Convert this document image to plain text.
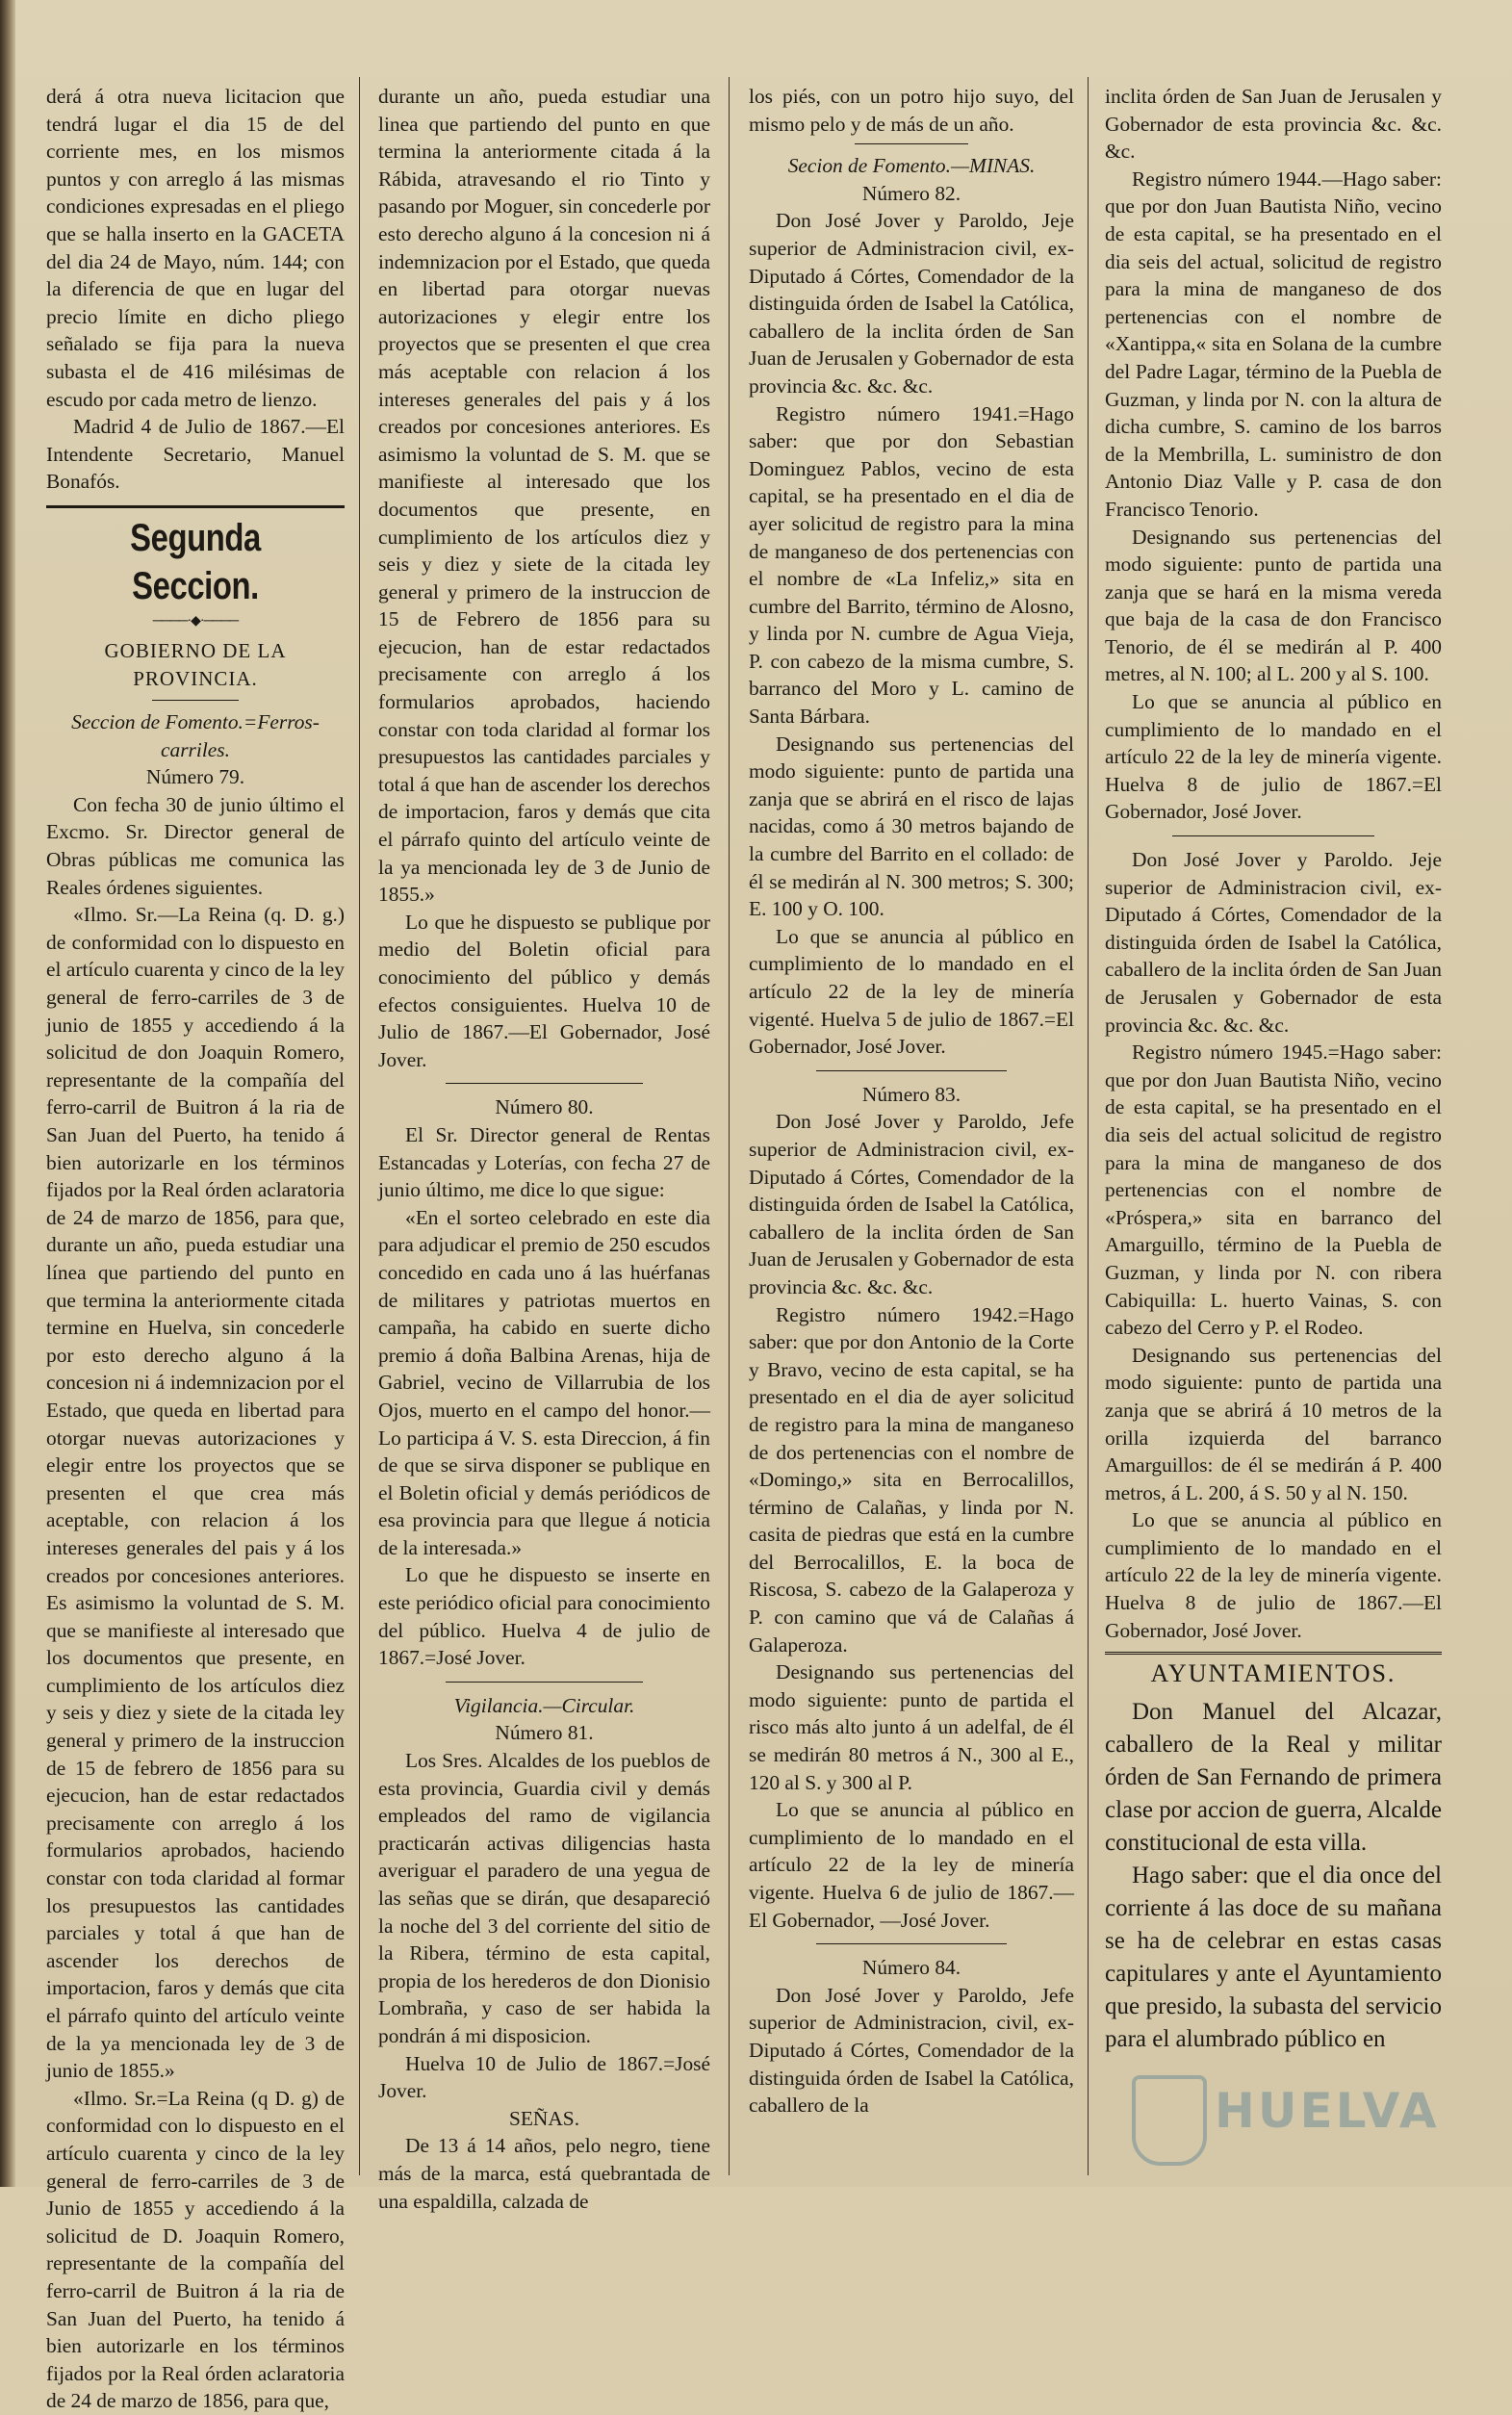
derá á otra nueva licitacion que tendrá lugar el dia 15 de del corriente mes, en los mismos puntos y con arreglo á las mismas condiciones expresadas en el pliego que se halla inserto en la GACETA del dia 24 de Mayo, núm. 144; con la diferencia de que en lugar del precio límite en dicho pliego señalado se fija para la nueva subasta el de 416 milésimas de escudo por cada metro de lienzo.

Madrid 4 de Julio de 1867.—El Intendente Secretario, Manuel Bonafós.

Segunda Seccion.
────·◆·────
GOBIERNO DE LA PROVINCIA.
Seccion de Fomento.=Ferros-carriles.
Número 79.

Con fecha 30 de junio último el Excmo. Sr. Director general de Obras públicas me comunica las Reales órdenes siguientes.

«Ilmo. Sr.—La Reina (q. D. g.) de conformidad con lo dispuesto en el artículo cuarenta y cinco de la ley general de ferro-carriles de 3 de junio de 1855 y accediendo á la solicitud de don Joaquin Romero, representante de la compañía del ferro-carril de Buitron á la ria de San Juan del Puerto, ha tenido á bien autorizarle en los términos fijados por la Real órden aclaratoria de 24 de marzo de 1856, para que, durante un año, pueda estudiar una línea que partiendo del punto en que termina la anteriormente citada termine en Huelva, sin concederle por esto derecho alguno á la concesion ni á indemnizacion por el Estado, que queda en libertad para otorgar nuevas autorizaciones y elegir entre los proyectos que se presenten el que crea más aceptable, con relacion á los intereses generales del pais y á los creados por concesiones anteriores. Es asimismo la voluntad de S. M. que se manifieste al interesado que los documentos que presente, en cumplimiento de los artículos diez y seis y diez y siete de la citada ley general y primero de la instruccion de 15 de febrero de 1856 para su ejecucion, han de estar redactados precisamente con arreglo á los formularios aprobados, haciendo constar con toda claridad al formar los presupuestos las cantidades parciales y total á que han de ascender los derechos de importacion, faros y demás que cita el párrafo quinto del artículo veinte de la ya mencionada ley de 3 de junio de 1855.»

«Ilmo. Sr.=La Reina (q D. g) de conformidad con lo dispuesto en el artículo cuarenta y cinco de la ley general de ferro-carriles de 3 de Junio de 1855 y accediendo á la solicitud de D. Joaquin Romero, representante de la compañía del ferro-carril de Buitron á la ria de San Juan del Puerto, ha tenido á bien autorizarle en los términos fijados por la Real órden aclaratoria de 24 de marzo de 1856, para que,

durante un año, pueda estudiar una linea que partiendo del punto en que termina la anteriormente citada á la Rábida, atravesando el rio Tinto y pasando por Moguer, sin concederle por esto derecho alguno á la concesion ni á indemnizacion por el Estado, que queda en libertad para otorgar nuevas autorizaciones y elegir entre los proyectos que se presenten el que crea más aceptable con relacion á los intereses generales del pais y á los creados por concesiones anteriores. Es asimismo la voluntad de S. M. que se manifieste al interesado que los documentos que presente, en cumplimiento de los artículos diez y seis y diez y siete de la citada ley general y primero de la instruccion de 15 de Febrero de 1856 para su ejecucion, han de estar redactados precisamente con arreglo á los formularios aprobados, haciendo constar con toda claridad al formar los presupuestos las cantidades parciales y total á que han de ascender los derechos de importacion, faros y demás que cita el párrafo quinto del artículo veinte de la ya mencionada ley de 3 de Junio de 1855.»

Lo que he dispuesto se publique por medio del Boletin oficial para conocimiento del público y demás efectos consiguientes. Huelva 10 de Julio de 1867.—El Gobernador, José Jover.

Número 80.

El Sr. Director general de Rentas Estancadas y Loterías, con fecha 27 de junio último, me dice lo que sigue:

«En el sorteo celebrado en este dia para adjudicar el premio de 250 escudos concedido en cada uno á las huérfanas de militares y patriotas muertos en campaña, ha cabido en suerte dicho premio á doña Balbina Arenas, hija de Gabriel, vecino de Villarrubia de los Ojos, muerto en el campo del honor.—Lo participa á V. S. esta Direccion, á fin de que se sirva disponer se publique en el Boletin oficial y demás periódicos de esa provincia para que llegue á noticia de la interesada.»

Lo que he dispuesto se inserte en este periódico oficial para conocimiento del público. Huelva 4 de julio de 1867.=José Jover.

Vigilancia.—Circular.
Número 81.

Los Sres. Alcaldes de los pueblos de esta provincia, Guardia civil y demás empleados del ramo de vigilancia practicarán activas diligencias hasta averiguar el paradero de una yegua de las señas que se dirán, que desapareció la noche del 3 del corriente del sitio de la Ribera, término de esta capital, propia de los herederos de don Dionisio Lombraña, y caso de ser habida la pondrán á mi disposicion.

Huelva 10 de Julio de 1867.=José Jover.

SEÑAS.

De 13 á 14 años, pelo negro, tiene más de la marca, está quebrantada de una espaldilla, calzada de

los piés, con un potro hijo suyo, del mismo pelo y de más de un año.

Secion de Fomento.—MINAS.
Número 82.

Don José Jover y Paroldo, Jeje superior de Administracion civil, ex-Diputado á Córtes, Comendador de la distinguida órden de Isabel la Católica, caballero de la inclita órden de San Juan de Jerusalen y Gobernador de esta provincia &c. &c. &c.

Registro número 1941.=Hago saber: que por don Sebastian Dominguez Pablos, vecino de esta capital, se ha presentado en el dia de ayer solicitud de registro para la mina de manganeso de dos pertenencias con el nombre de «La Infeliz,» sita en cumbre del Barrito, término de Alosno, y linda por N. cumbre de Agua Vieja, P. con cabezo de la misma cumbre, S. barranco del Moro y L. camino de Santa Bárbara.

Designando sus pertenencias del modo siguiente: punto de partida una zanja que se abrirá en el risco de lajas nacidas, como á 30 metros bajando de la cumbre del Barrito en el collado: de él se medirán al N. 300 metros; S. 300; E. 100 y O. 100.

Lo que se anuncia al público en cumplimiento de lo mandado en el artículo 22 de la ley de minería vigenté. Huelva 5 de julio de 1867.=El Gobernador, José Jover.

Número 83.

Don José Jover y Paroldo, Jefe superior de Administracion civil, ex-Diputado á Córtes, Comendador de la distinguida órden de Isabel la Católica, caballero de la inclita órden de San Juan de Jerusalen y Gobernador de esta provincia &c. &c. &c.

Registro número 1942.=Hago saber: que por don Antonio de la Corte y Bravo, vecino de esta capital, se ha presentado en el dia de ayer solicitud de registro para la mina de manganeso de dos pertenencias con el nombre de «Domingo,» sita en Berrocalillos, término de Calañas, y linda por N. casita de piedras que está en la cumbre del Berrocalillos, E. la boca de Riscosa, S. cabezo de la Galaperoza y P. con camino que vá de Calañas á Galaperoza.

Designando sus pertenencias del modo siguiente: punto de partida el risco más alto junto á un adelfal, de él se medirán 80 metros á N., 300 al E., 120 al S. y 300 al P.

Lo que se anuncia al público en cumplimiento de lo mandado en el artículo 22 de la ley de minería vigente. Huelva 6 de julio de 1867.—El Gobernador, —José Jover.

Número 84.

Don José Jover y Paroldo, Jefe superior de Administracion, civil, ex-Diputado á Córtes, Comendador de la distinguida órden de Isabel la Católica, caballero de la

inclita órden de San Juan de Jerusalen y Gobernador de esta provincia &c. &c. &c.

Registro número 1944.—Hago saber: que por don Juan Bautista Niño, vecino de esta capital, se ha presentado en el dia seis del actual, solicitud de registro para la mina de manganeso de dos pertenencias con el nombre de «Xantippa,« sita en Solana de la cumbre del Padre Lagar, término de la Puebla de Guzman, y linda por N. con la altura de dicha cumbre, S. camino de los barros de la Membrilla, L. suministro de don Antonio Diaz Valle y P. casa de don Francisco Tenorio.

Designando sus pertenencias del modo siguiente: punto de partida una zanja que se hará en la misma vereda que baja de la casa de don Francisco Tenorio, de él se medirán al P. 400 metres, al N. 100; al L. 200 y al S. 100.

Lo que se anuncia al público en cumplimiento de lo mandado en el artículo 22 de la ley de minería vigente. Huelva 8 de julio de 1867.=El Gobernador, José Jover.

Don José Jover y Paroldo. Jeje superior de Administracion civil, ex-Diputado á Córtes, Comendador de la distinguida órden de Isabel la Católica, caballero de la inclita órden de San Juan de Jerusalen y Gobernador de esta provincia &c. &c. &c.

Registro número 1945.=Hago saber: que por don Juan Bautista Niño, vecino de esta capital, se ha presentado en el dia seis del actual solicitud de registro para la mina de manganeso de dos pertenencias con el nombre de «Próspera,» sita en barranco del Amarguillo, término de la Puebla de Guzman, y linda por N. con ribera Cabiquilla: L. huerto Vainas, S. con cabezo del Cerro y P. el Rodeo.

Designando sus pertenencias del modo siguiente: punto de partida una zanja que se abrirá á 10 metros de la orilla izquierda del barranco Amarguillos: de él se medirán á P. 400 metros, á L. 200, á S. 50 y al N. 150.

Lo que se anuncia al público en cumplimiento de lo mandado en el artículo 22 de la ley de minería vigente. Huelva 8 de julio de 1867.—El Gobernador, José Jover.

AYUNTAMIENTOS.

Don Manuel del Alcazar, caballero de la Real y militar órden de San Fernando de primera clase por accion de guerra, Alcalde constitucional de esta villa.

Hago saber: que el dia once del corriente á las doce de su mañana se ha de celebrar en estas casas capitulares y ante el Ayuntamiento que presido, la subasta del servicio para el alumbrado público en

HUELVA
